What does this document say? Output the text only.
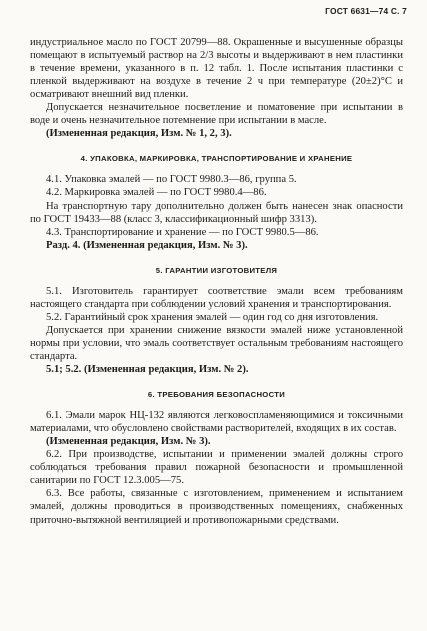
ГОСТ 6631—74 С. 7

индустриальное масло по ГОСТ 20799—88. Окрашенные и высушенные образцы помещают в испытуемый раствор на 2/3 высоты и выдерживают в нем пластинки в течение времени, указанного в п. 12 табл. 1. После испытания пластинки с пленкой выдерживают на воздухе в течение 2 ч при температуре (20±2)°C и осматривают внешний вид пленки.

Допускается незначительное посветление и поматовение при испытании в воде и очень незначительное потемнение при испытании в масле.

(Измененная редакция, Изм. № 1, 2, 3).

4. УПАКОВКА, МАРКИРОВКА, ТРАНСПОРТИРОВАНИЕ И ХРАНЕНИЕ

4.1. Упаковка эмалей — по ГОСТ 9980.3—86, группа 5.

4.2. Маркировка эмалей — по ГОСТ 9980.4—86.

На транспортную тару дополнительно должен быть нанесен знак опасности по ГОСТ 19433—88 (класс 3, классификационный шифр 3313).

4.3. Транспортирование и хранение — по ГОСТ 9980.5—86.

Разд. 4. (Измененная редакция, Изм. № 3).

5. ГАРАНТИИ ИЗГОТОВИТЕЛЯ

5.1. Изготовитель гарантирует соответствие эмали всем требованиям настоящего стандарта при соблюдении условий хранения и транспортирования.

5.2. Гарантийный срок хранения эмалей — один год со дня изготовления.

Допускается при хранении снижение вязкости эмалей ниже установленной нормы при условии, что эмаль соответствует остальным требованиям настоящего стандарта.

5.1; 5.2. (Измененная редакция, Изм. № 2).

6. ТРЕБОВАНИЯ БЕЗОПАСНОСТИ

6.1. Эмали марок НЦ-132 являются легковоспламеняющимися и токсичными материалами, что обусловлено свойствами растворителей, входящих в их состав.

(Измененная редакция, Изм. № 3).

6.2. При производстве, испытании и применении эмалей должны строго соблюдаться требования правил пожарной безопасности и промышленной санитарии по ГОСТ 12.3.005—75.

6.3. Все работы, связанные с изготовлением, применением и испытанием эмалей, должны проводиться в производственных помещениях, снабженных приточно-вытяжной вентиляцией и противопожарными средствами.
